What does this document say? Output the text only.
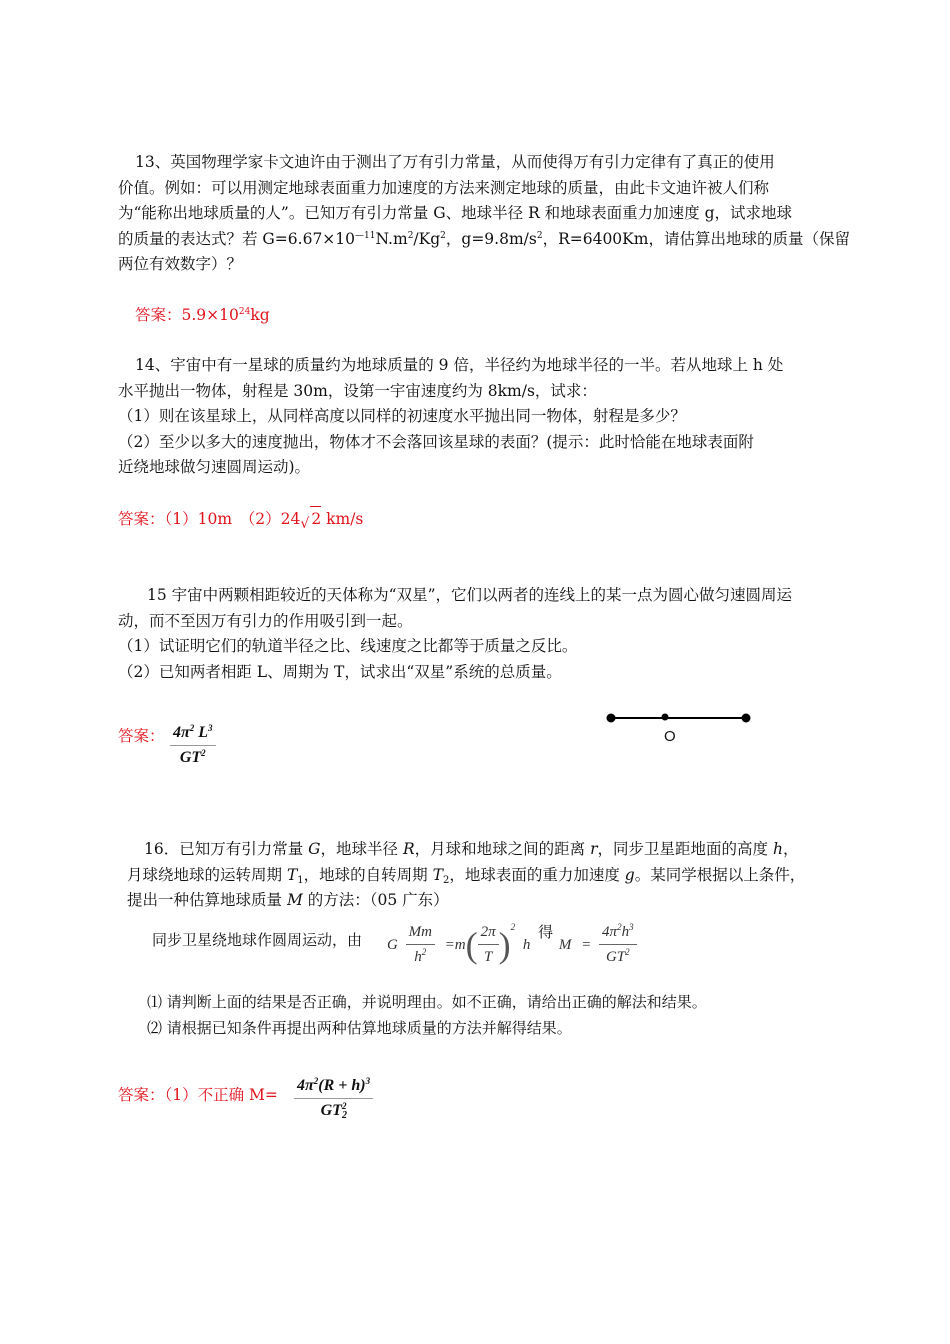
13、英国物理学家卡文迪许由于测出了万有引力常量，从而使得万有引力定律有了真正的使用
价值。例如：可以用测定地球表面重力加速度的方法来测定地球的质量，由此卡文迪许被人们称
为“能称出地球质量的人”。已知万有引力常量 G、地球半径 R 和地球表面重力加速度 g，试求地球
的质量的表达式？若 $G=6.67\times 10^{—11}N.m^2/Kg^2$，$g=9.8m/s^2$，R=6400Km，请估算出地球的质量（保留
两位有效数字）？
答案：$5.9\times 10^{24}kg$
14、宇宙中有一星球的质量约为地球质量的 9 倍，半径约为地球半径的一半。若从地球上 h 处
水平抛出一物体，射程是 30m，设第一宇宙速度约为 8km/s，试求：
（1）则在该星球上，从同样高度以同样的初速度水平抛出同一物体，射程是多少？
（2）至少以多大的速度抛出，物体才不会落回该星球的表面？(提示：此时恰能在地球表面附
近绕地球做匀速圆周运动)。
答案：（1）10m　（2）24√ 2 km/s
15 宇宙中两颗相距较近的天体称为“双星”，它们以两者的连线上的某一点为圆心做匀速圆周运
动，而不至因万有引力的作用吸引到一起。
（1）试证明它们的轨道半径之比、线速度之比都等于质量之反比。
（2）已知两者相距 L、周期为 T，试求出“双星”系统的总质量。
答案： $\frac{4\pi^2 L^3}{GT^2}$	O
16．已知万有引力常量 G，地球半径 R，月球和地球之间的距离 r，同步卫星距地面的高度 h，
月球绕地球的运转周期 $T_1$，地球的自转周期 $T_2$，地球表面的重力加速度 g。某同学根据以上条件，
提出一种估算地球质量 M 的方法：（05 广东）
同步卫星绕地球作圆周运动，由 G $\frac{Mm}{h^2} =m( \frac{2\pi}{T} )^2$ h 得 $M = \frac{4\pi^2h^3}{GT^2}$
⑴ 请判断上面的结果是否正确，并说明理由。如不正确，请给出正确的解法和结果。
⑵ 请根据已知条件再提出两种估算地球质量的方法并解得结果。
答案：（1）不正确 $M= \frac{4\pi^2(R + h)^3}{GT_2^2}$
